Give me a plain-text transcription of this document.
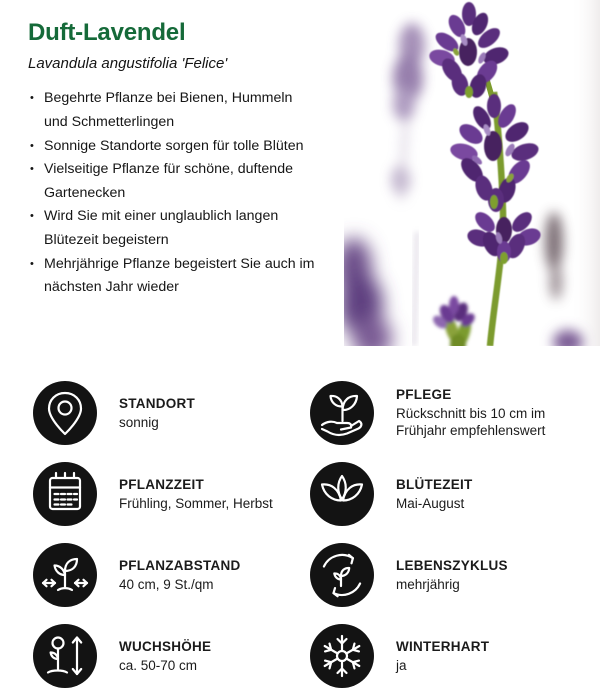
Duft-Lavendel
Lavandula angustifolia 'Felice'
• Begehrte Pflanze bei Bienen, Hummeln und Schmetterlingen
• Sonnige Standorte sorgen für tolle Blüten
• Vielseitige Pflanze für schöne, duftende Gartenecken
• Wird Sie mit einer unglaublich langen Blütezeit begeistern
• Mehrjährige Pflanze begeistert Sie auch im nächsten Jahr wieder
STANDORT
sonnig
PFLEGE
Rückschnitt bis 10 cm im Frühjahr empfehlenswert
PFLANZZEIT
Frühling, Sommer, Herbst
BLÜTEZEIT
Mai-August
PFLANZABSTAND
40 cm, 9 St./qm
LEBENSZYKLUS
mehrjährig
WUCHSHÖHE
ca. 50-70 cm
WINTERHART
ja
